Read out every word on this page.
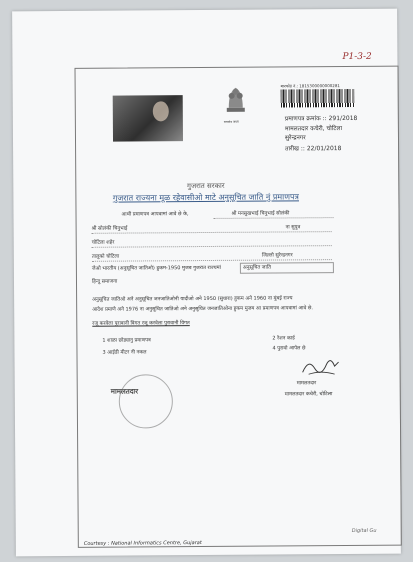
P1-3-2
सत्यमेव जयते
बारकोड नं.: 1815300000000281
प्रमाणपत्र क्रमांक :: 291/2018
मामलतदार कचेरी, चोटिला
सुरेन्द्रनगर
तारीख :: 22/01/2018
गुजरात सरकार
गुजरात राज्यना मूळ रहेवासीओ माटे अनुसूचित जाति नुं प्रमाणपत्र
आथी प्रमाणपत्र आपवामां आवे छे के,	श्री मनसुखभाई चिनुभाई सोलंकी
श्री सोलंकी चिनुभाई	ना सुपुत्र
चोटिला शहेर
तालुको चोटिला	जिल्लो सुरेन्द्रनगर
जेओ भारतीय (अनुसूचित जातिओ) हुकम-1950 मुजब गुजरात राज्यमां	अनुसूचित जाति
हिन्दु समाजना
अनुसूचित जातिओ अने अनुसूचित जनजातिओनी यादीओ अने 1950 (सुधारा) हुकम अने 1960 ना मुंबई राज्य
आदेश प्रमाणे अने 1976 ना अनुसूचित जातिओ अने अनुसूचित जनजातिओना हुकम मुजब आ प्रमाणपत्र आपवामां आवे छे.
रजू करवेला पुरावानी विगत रजू करवेला पुरावानी विगत
1 शाळा छोड्यानु प्रमाणपत्र	2 रेशन कार्ड
3 आईडी मीटर नी नकल
4 पुरावो आपेल छे
मामलतदार
मामलतदार
मामलतदार कचेरी, चोटिला
Courtesy : National Informatics Centre, Gujarat
Digital Gu
